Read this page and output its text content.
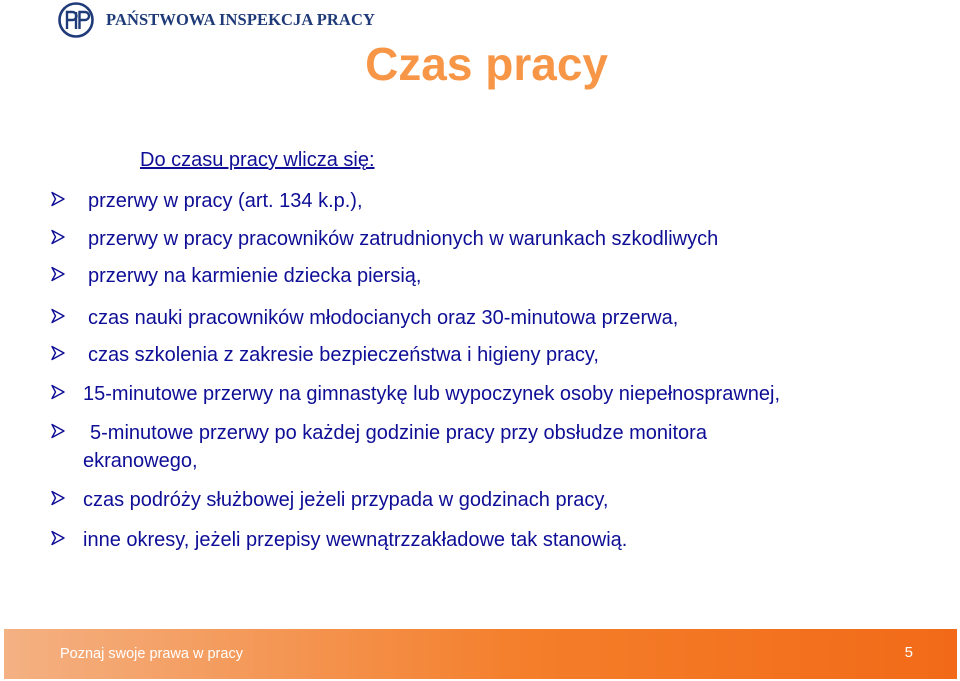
PAŃSTWOWA INSPEKCJA PRACY
Czas pracy
Do czasu pracy wlicza się:
przerwy w pracy (art. 134 k.p.),
przerwy w pracy pracowników zatrudnionych w warunkach szkodliwych
przerwy na karmienie dziecka piersią,
czas nauki pracowników młodocianych oraz 30-minutowa przerwa,
czas szkolenia z zakresie bezpieczeństwa i higieny pracy,
15-minutowe przerwy na gimnastykę lub wypoczynek osoby niepełnosprawnej,
5-minutowe przerwy po każdej godzinie pracy przy obsłudze monitora
ekranowego,
czas podróży służbowej jeżeli przypada w godzinach pracy,
inne okresy, jeżeli przepisy wewnątrzzakładowe tak stanowią.
Poznaj swoje prawa w pracy	5
